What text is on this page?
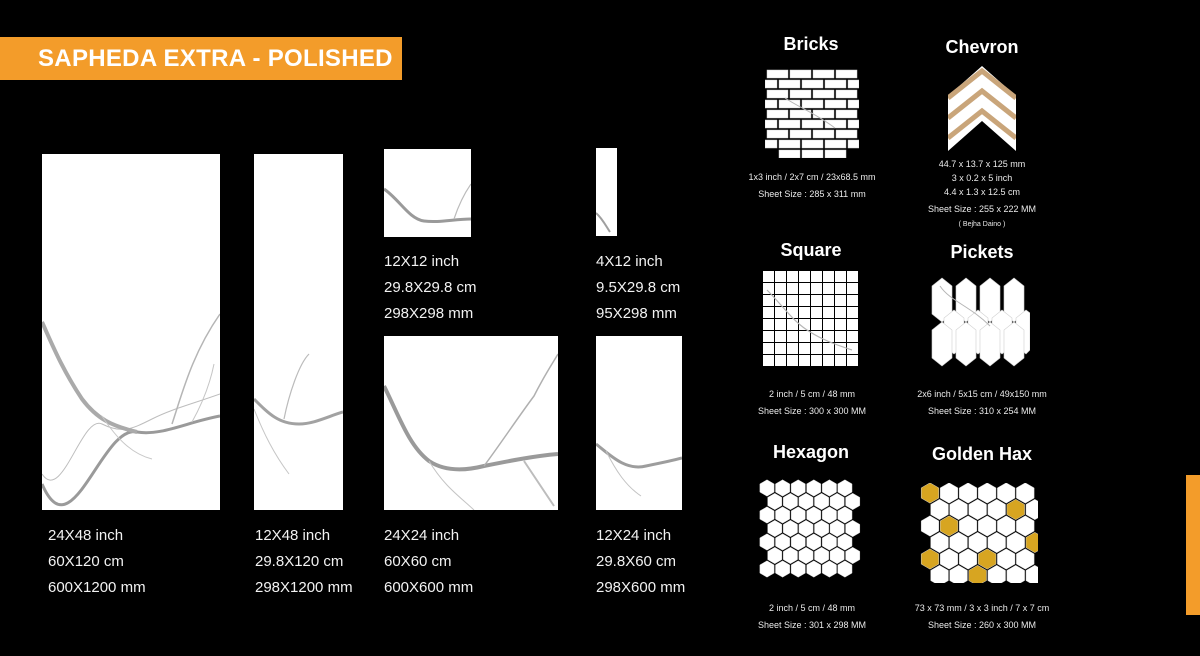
SAPHEDA EXTRA - POLISHED
24X48 inch
60X120 cm
600X1200 mm
12X48 inch
29.8X120 cm
298X1200 mm
12X12 inch
29.8X29.8 cm
298X298 mm
4X12 inch
9.5X29.8 cm
95X298 mm
24X24 inch
60X60 cm
600X600 mm
12X24 inch
29.8X60 cm
298X600 mm
Bricks
1x3 inch / 2x7 cm / 23x68.5 mm
Sheet Size : 285 x 311 mm
Chevron
44.7 x 13.7 x 125 mm
3 x 0.2 x 5 inch
4.4 x 1.3 x 12.5 cm
Sheet Size : 255 x 222 MM
( Bejha Daino )
Square
2 inch / 5 cm / 48 mm
Sheet Size : 300 x 300 MM
Pickets
2x6 inch / 5x15 cm / 49x150 mm
Sheet Size : 310 x 254 MM
Hexagon
2 inch / 5 cm / 48 mm
Sheet Size : 301 x 298 MM
Golden Hax
73 x 73 mm / 3 x 3 inch / 7 x 7 cm
Sheet Size : 260 x 300 MM
